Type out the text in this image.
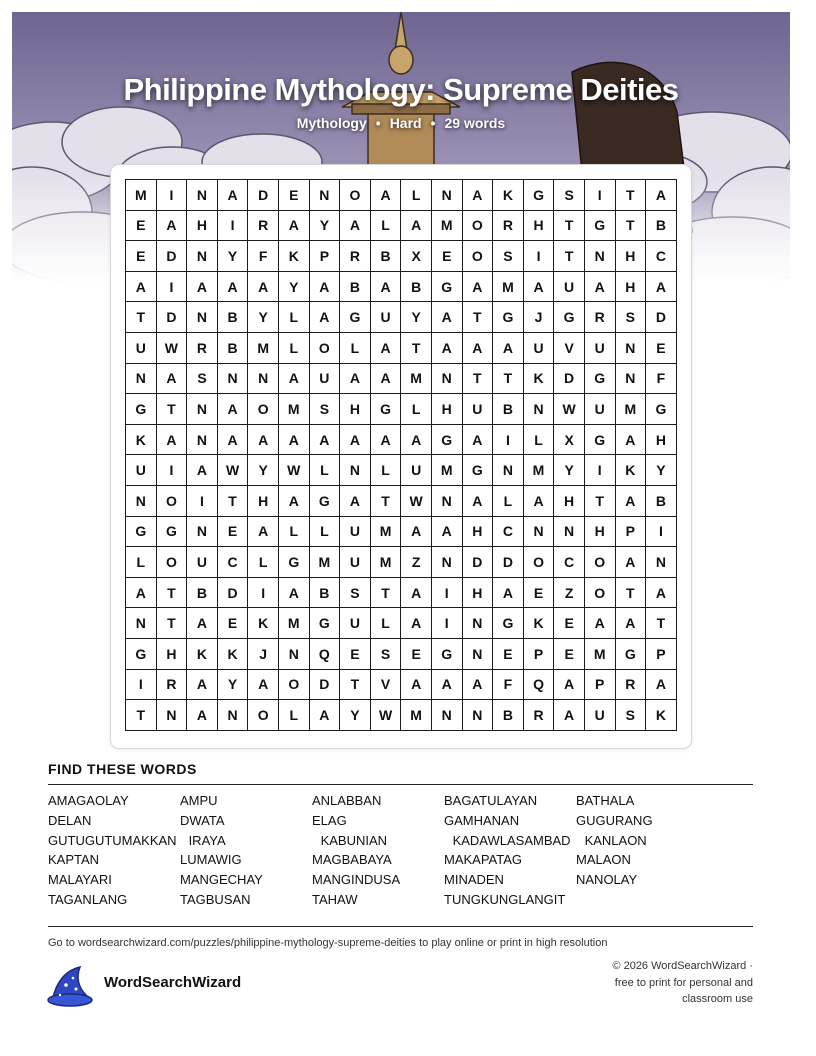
Philippine Mythology: Supreme Deities
Mythology • Hard • 29 words
M	I	N	A	D	E	N	O	A	L	N	A	K	G	S	I	T	A
E	A	H	I	R	A	Y	A	L	A	M	O	R	H	T	G	T	B
E	D	N	Y	F	K	P	R	B	X	E	O	S	I	T	N	H	C
A	I	A	A	A	Y	A	B	A	B	G	A	M	A	U	A	H	A
T	D	N	B	Y	L	A	G	U	Y	A	T	G	J	G	R	S	D
U	W	R	B	M	L	O	L	A	T	A	A	A	U	V	U	N	E
N	A	S	N	N	A	U	A	A	M	N	T	T	K	D	G	N	F
G	T	N	A	O	M	S	H	G	L	H	U	B	N	W	U	M	G
K	A	N	A	A	A	A	A	A	A	G	A	I	L	X	G	A	H
U	I	A	W	Y	W	L	N	L	U	M	G	N	M	Y	I	K	Y
N	O	I	T	H	A	G	A	T	W	N	A	L	A	H	T	A	B
G	G	N	E	A	L	L	U	M	A	A	H	C	N	N	H	P	I
L	O	U	C	L	G	M	U	M	Z	N	D	D	O	C	O	A	N
A	T	B	D	I	A	B	S	T	A	I	H	A	E	Z	O	T	A
N	T	A	E	K	M	G	U	L	A	I	N	G	K	E	A	A	T
G	H	K	K	J	N	Q	E	S	E	G	N	E	P	E	M	G	P
I	R	A	Y	A	O	D	T	V	A	A	A	F	Q	A	P	R	A
T	N	A	N	O	L	A	Y	W	M	N	N	B	R	A	U	S	K
FIND THESE WORDS
AMAGAOLAY	AMPU	ANLABBAN	BAGATULAYAN	BATHALA
DELAN	DWATA	ELAG	GAMHANAN	GUGURANG
GUTUGUTUMAKKAN IRAYA	KABUNIAN	KADAWLASAMBAD KANLAON
KAPTAN	LUMAWIG	MAGBABAYA	MAKAPATAG	MALAON
MALAYARI	MANGECHAY	MANGINDUSA	MINADEN	NANOLAY
TAGANLANG	TAGBUSAN	TAHAW	TUNGKUNGLANGIT
Go to wordsearchwizard.com/puzzles/philippine-mythology-supreme-deities to play online or print in high resolution
WordSearchWizard
© 2026 WordSearchWizard ·
free to print for personal and
classroom use
